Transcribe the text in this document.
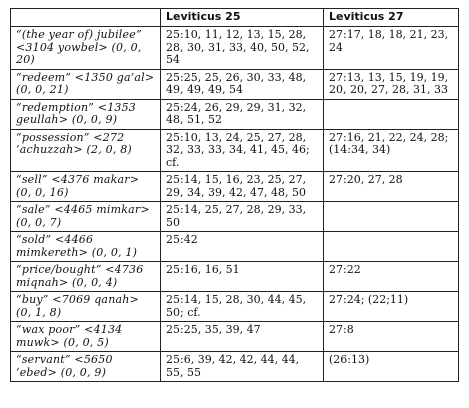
	Leviticus 25	Leviticus 27
“(the year of) jubilee” <3104 yowbel> (0, 0, 20)	25:10, 11, 12, 13, 15, 28, 28, 30, 31, 33, 40, 50, 52, 54	27:17, 18, 18, 21, 23, 24
“redeem” <1350 ga’al> (0, 0, 21)	25:25, 25, 26, 30, 33, 48, 49, 49, 49, 54	27:13, 13, 15, 19, 19, 20, 20, 27, 28, 31, 33
“redemption” <1353 geullah> (0, 0, 9)	25:24, 26, 29, 29, 31, 32, 48, 51, 52	
“possession” <272 ’achuzzah> (2, 0, 8)	25:10, 13, 24, 25, 27, 28, 32, 33, 33, 34, 41, 45, 46; cf.	27:16, 21, 22, 24, 28; (14:34, 34)
“sell” <4376 makar> (0, 0, 16)	25:14, 15, 16, 23, 25, 27, 29, 34, 39, 42, 47, 48, 50	27:20, 27, 28
“sale” <4465 mimkar> (0, 0, 7)	25:14, 25, 27, 28, 29, 33, 50	
“sold” <4466 mimkereth> (0, 0, 1)	25:42	
“price/bought” <4736 miqnah> (0, 0, 4)	25:16, 16, 51	27:22
“buy” <7069 qanah> (0, 1, 8)	25:14, 15, 28, 30, 44, 45, 50; cf.	27:24; (22;11)
“wax poor” <4134 muwk> (0, 0, 5)	25:25, 35, 39, 47	27:8
“servant” <5650 ‘ebed> (0, 0, 9)	25:6, 39, 42, 42, 44, 44, 55, 55	(26:13)
